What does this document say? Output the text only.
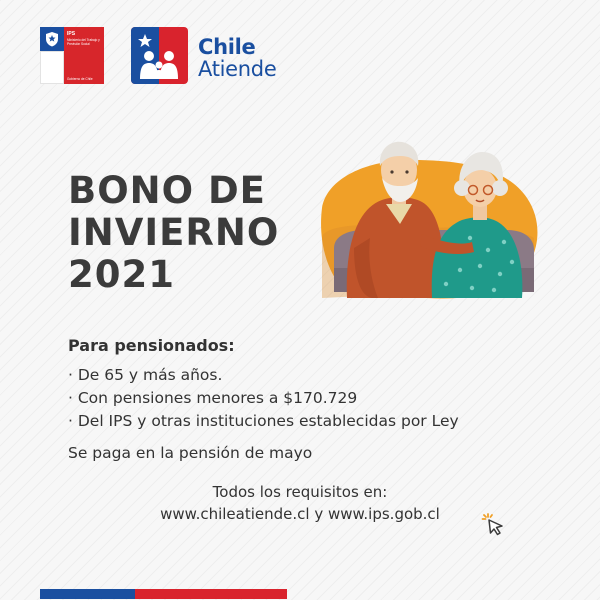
IPS
Ministerio del Trabajo y Previsión Social
Gobierno de Chile
Chile
Atiende
BONO DE
INVIERNO
2021
Para pensionados:
· De 65 y más años.
· Con pensiones menores a $170.729
· Del IPS y otras instituciones establecidas por Ley
Se paga en la pensión de mayo
Todos los requisitos en:
www.chileatiende.cl y www.ips.gob.cl
